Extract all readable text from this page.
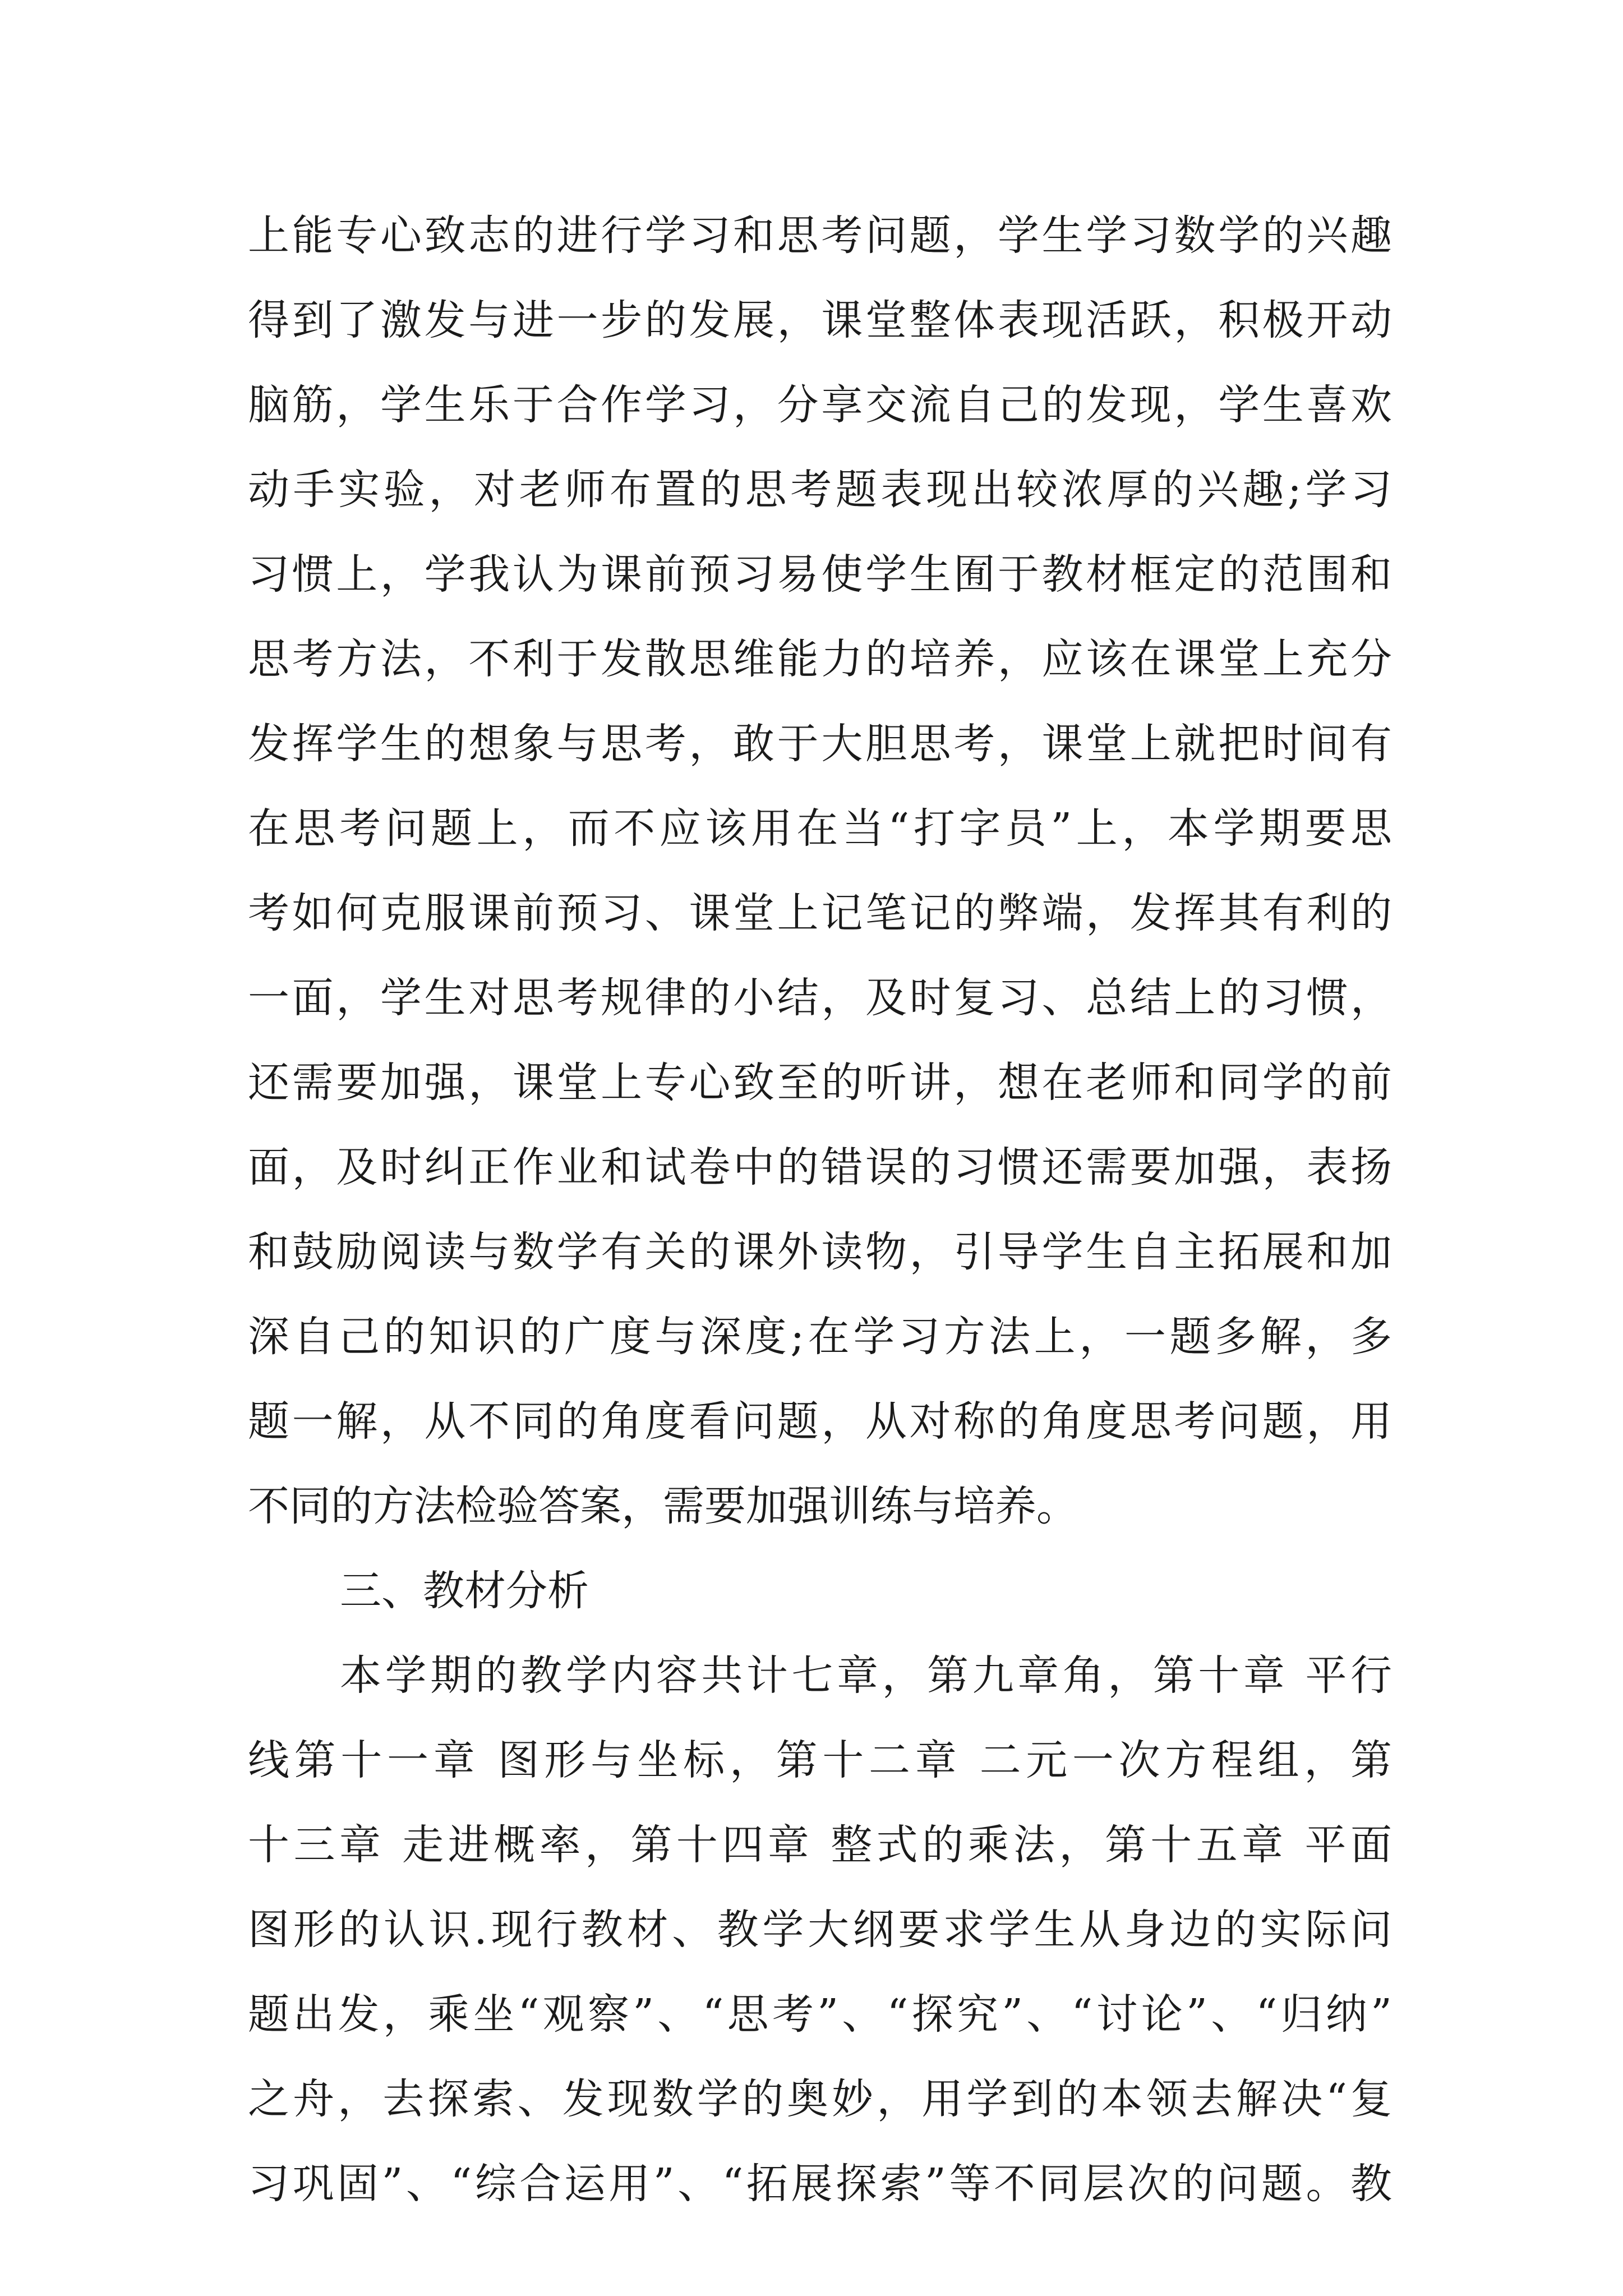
上能专心致志的进行学习和思考问题，学生学习数学的兴趣
得到了激发与进一步的发展，课堂整体表现活跃，积极开动
脑筋，学生乐于合作学习，分享交流自己的发现，学生喜欢
动手实验，对老师布置的思考题表现出较浓厚的兴趣;学习
习惯上，学我认为课前预习易使学生囿于教材框定的范围和
思考方法，不利于发散思维能力的培养，应该在课堂上充分
发挥学生的想象与思考，敢于大胆思考，课堂上就把时间有
在思考问题上，而不应该用在当“打字员”上，本学期要思
考如何克服课前预习、课堂上记笔记的弊端，发挥其有利的
一面，学生对思考规律的小结，及时复习、总结上的习惯，
还需要加强，课堂上专心致至的听讲，想在老师和同学的前
面，及时纠正作业和试卷中的错误的习惯还需要加强，表扬
和鼓励阅读与数学有关的课外读物，引导学生自主拓展和加
深自己的知识的广度与深度;在学习方法上，一题多解，多
题一解，从不同的角度看问题，从对称的角度思考问题，用
不同的方法检验答案，需要加强训练与培养。
三、教材分析
本学期的教学内容共计七章，第九章角，第十章 平行
线第十一章 图形与坐标，第十二章 二元一次方程组，第
十三章 走进概率，第十四章 整式的乘法，第十五章 平面
图形的认识.现行教材、教学大纲要求学生从身边的实际问
题出发，乘坐“观察”、“思考”、“探究”、“讨论”、“归纳”
之舟，去探索、发现数学的奥妙，用学到的本领去解决“复
习巩固”、“综合运用”、“拓展探索”等不同层次的问题。教
